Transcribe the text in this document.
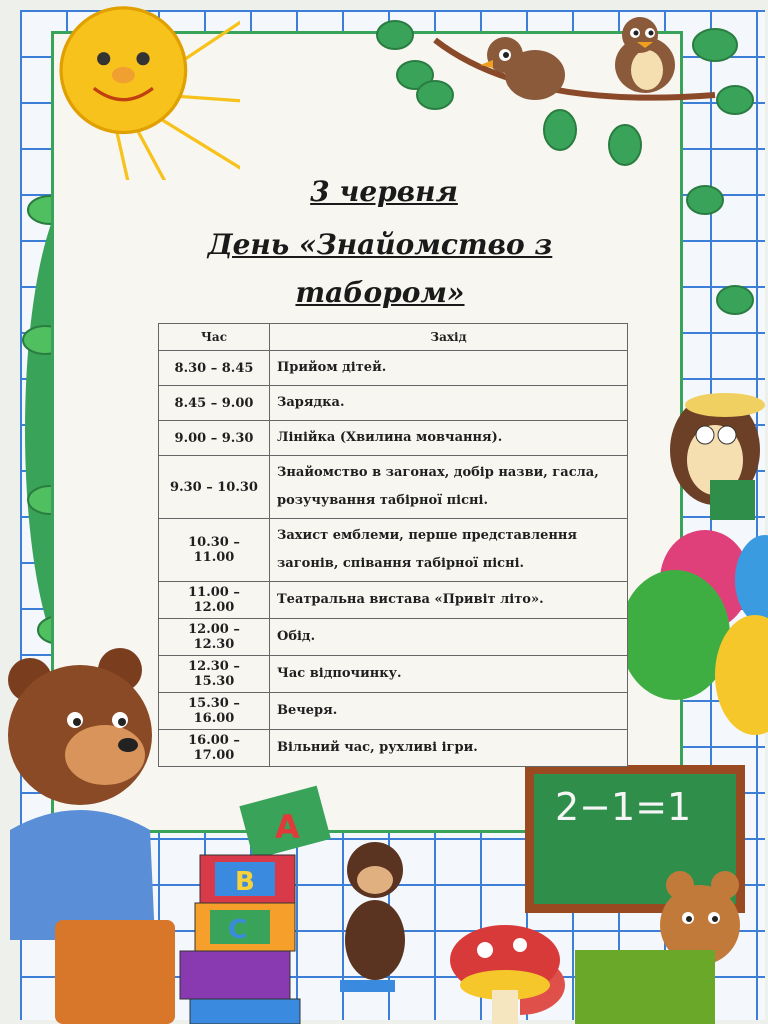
A
B
C
2−1=1
3 червня
День «Знайомство з
табором»
Час	Захід
8.30 – 8.45	Прийом дітей.
8.45 – 9.00	Зарядка.
9.00 – 9.30	Лінійка (Хвилина мовчання).
9.30 – 10.30	Знайомство в загонах, добір назви, гасла, розучування табірної пісні.
10.30 – 11.00	Захист емблеми, перше представлення загонів, співання табірної пісні.
11.00 – 12.00	Театральна вистава «Привіт літо».
12.00 – 12.30	Обід.
12.30 – 15.30	Час відпочинку.
15.30 – 16.00	Вечеря.
16.00 – 17.00	Вільний час, рухливі ігри.
